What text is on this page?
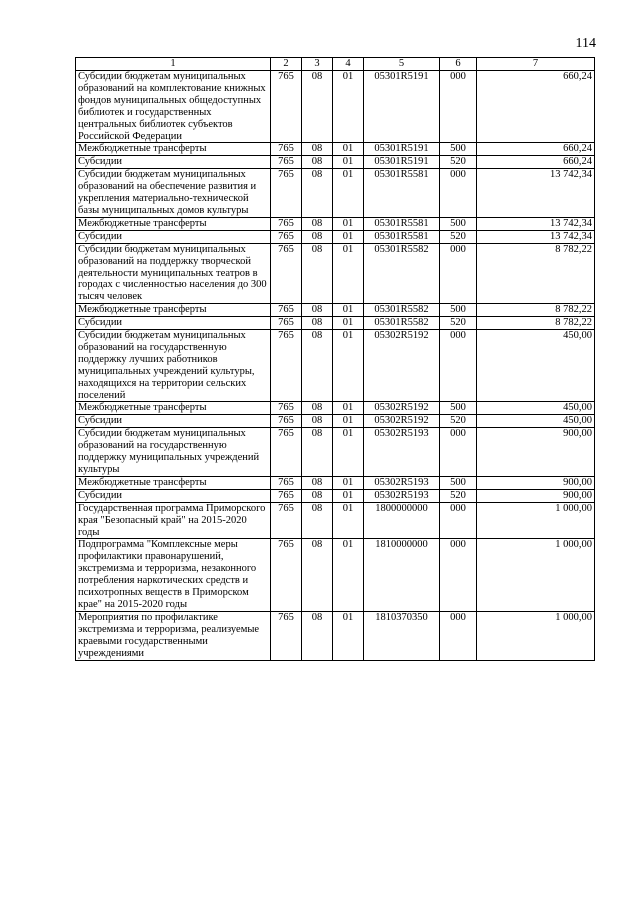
114
1	2	3	4	5	6	7
Субсидии бюджетам муниципальных образований на комплектование книжных фондов муниципальных общедоступных библиотек и государственных центральных библиотек субъектов Российской Федерации	765	08	01	05301R5191	000	660,24
Межбюджетные трансферты	765	08	01	05301R5191	500	660,24
Субсидии	765	08	01	05301R5191	520	660,24
Субсидии бюджетам муниципальных образований на обеспечение развития и укрепления материально-технической базы муниципальных домов культуры	765	08	01	05301R5581	000	13 742,34
Межбюджетные трансферты	765	08	01	05301R5581	500	13 742,34
Субсидии	765	08	01	05301R5581	520	13 742,34
Субсидии бюджетам муниципальных образований на поддержку творческой деятельности муниципальных театров в городах с численностью населения до 300 тысяч человек	765	08	01	05301R5582	000	8 782,22
Межбюджетные трансферты	765	08	01	05301R5582	500	8 782,22
Субсидии	765	08	01	05301R5582	520	8 782,22
Субсидии бюджетам муниципальных образований на государственную поддержку лучших работников муниципальных учреждений культуры, находящихся на территории сельских поселений	765	08	01	05302R5192	000	450,00
Межбюджетные трансферты	765	08	01	05302R5192	500	450,00
Субсидии	765	08	01	05302R5192	520	450,00
Субсидии бюджетам муниципальных образований на государственную поддержку муниципальных учреждений культуры	765	08	01	05302R5193	000	900,00
Межбюджетные трансферты	765	08	01	05302R5193	500	900,00
Субсидии	765	08	01	05302R5193	520	900,00
Государственная программа Приморского края "Безопасный край" на 2015-2020 годы	765	08	01	1800000000	000	1 000,00
Подпрограмма "Комплексные меры профилактики правонарушений, экстремизма и терроризма, незаконного потребления наркотических средств и психотропных веществ в Приморском крае" на 2015-2020 годы	765	08	01	1810000000	000	1 000,00
Мероприятия по профилактике экстремизма и терроризма, реализуемые краевыми государственными учреждениями	765	08	01	1810370350	000	1 000,00
